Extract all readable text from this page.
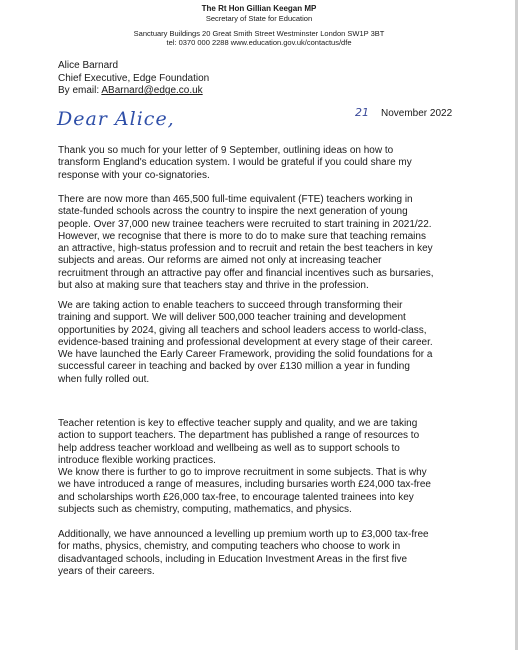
The Rt Hon Gillian Keegan MP
Secretary of State for Education
Sanctuary Buildings 20 Great Smith Street Westminster London SW1P 3BT
tel: 0370 000 2288 www.education.gov.uk/contactus/dfe
Alice Barnard
Chief Executive, Edge Foundation
By email: ABarnard@edge.co.uk
21 November 2022
Dear Alice,
Thank you so much for your letter of 9 September, outlining ideas on how to
transform England's education system. I would be grateful if you could share my
response with your co-signatories.
There are now more than 465,500 full-time equivalent (FTE) teachers working in
state-funded schools across the country to inspire the next generation of young
people. Over 37,000 new trainee teachers were recruited to start training in 2021/22.
However, we recognise that there is more to do to make sure that teaching remains
an attractive, high-status profession and to recruit and retain the best teachers in key
subjects and areas. Our reforms are aimed not only at increasing teacher
recruitment through an attractive pay offer and financial incentives such as bursaries,
but also at making sure that teachers stay and thrive in the profession.
We are taking action to enable teachers to succeed through transforming their
training and support. We will deliver 500,000 teacher training and development
opportunities by 2024, giving all teachers and school leaders access to world-class,
evidence-based training and professional development at every stage of their career.
We have launched the Early Career Framework, providing the solid foundations for a
successful career in teaching and backed by over £130 million a year in funding
when fully rolled out.
Teacher retention is key to effective teacher supply and quality, and we are taking
action to support teachers. The department has published a range of resources to
help address teacher workload and wellbeing as well as to support schools to
introduce flexible working practices.
We know there is further to go to improve recruitment in some subjects. That is why
we have introduced a range of measures, including bursaries worth £24,000 tax-free
and scholarships worth £26,000 tax-free, to encourage talented trainees into key
subjects such as chemistry, computing, mathematics, and physics.
Additionally, we have announced a levelling up premium worth up to £3,000 tax-free
for maths, physics, chemistry, and computing teachers who choose to work in
disadvantaged schools, including in Education Investment Areas in the first five
years of their careers.
